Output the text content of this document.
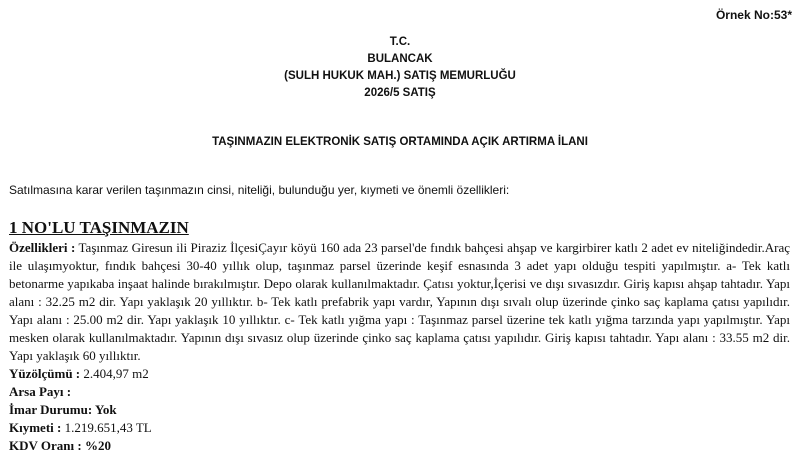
Örnek No:53*
T.C.
BULANCAK
(SULH HUKUK MAH.) SATIŞ MEMURLUĞU
2026/5 SATIŞ
TAŞINMAZIN ELEKTRONİK SATIŞ ORTAMINDA AÇIK ARTIRMA İLANI
Satılmasına karar verilen taşınmazın cinsi, niteliği, bulunduğu yer, kıymeti ve önemli özellikleri:
1 NO'LU TAŞINMAZIN

Özellikleri : Taşınmaz Giresun ili Piraziz İlçesiÇayır köyü 160 ada 23 parsel'de fındık bahçesi ahşap ve kargirbirer katlı 2 adet ev niteliğindedir.Araç ile ulaşımyoktur, fındık bahçesi 30-40 yıllık olup, taşınmaz parsel üzerinde keşif esnasında 3 adet yapı olduğu tespiti yapılmıştır. a- Tek katlı betonarme yapıkaba inşaat halinde bırakılmıştır. Depo olarak kullanılmaktadır. Çatısı yoktur,İçerisi ve dışı sıvasızdır. Giriş kapısı ahşap tahtadır. Yapı alanı : 32.25 m2 dir. Yapı yaklaşık 20 yıllıktır. b- Tek katlı prefabrik yapı vardır, Yapının dışı sıvalı olup üzerinde çinko saç kaplama çatısı yapılıdır. Yapı alanı : 25.00 m2 dir. Yapı yaklaşık 10 yıllıktır. c- Tek katlı yığma yapı : Taşınmaz parsel üzerine tek katlı yığma tarzında yapı yapılmıştır. Yapı mesken olarak kullanılmaktadır. Yapının dışı sıvasız olup üzerinde çinko saç kaplama çatısı yapılıdır. Giriş kapısı tahtadır. Yapı alanı : 33.55 m2 dir. Yapı yaklaşık 60 yıllıktır.

Yüzölçümü : 2.404,97 m2

Arsa Payı :

İmar Durumu: Yok

Kıymeti : 1.219.651,43 TL

KDV Oranı : %20
